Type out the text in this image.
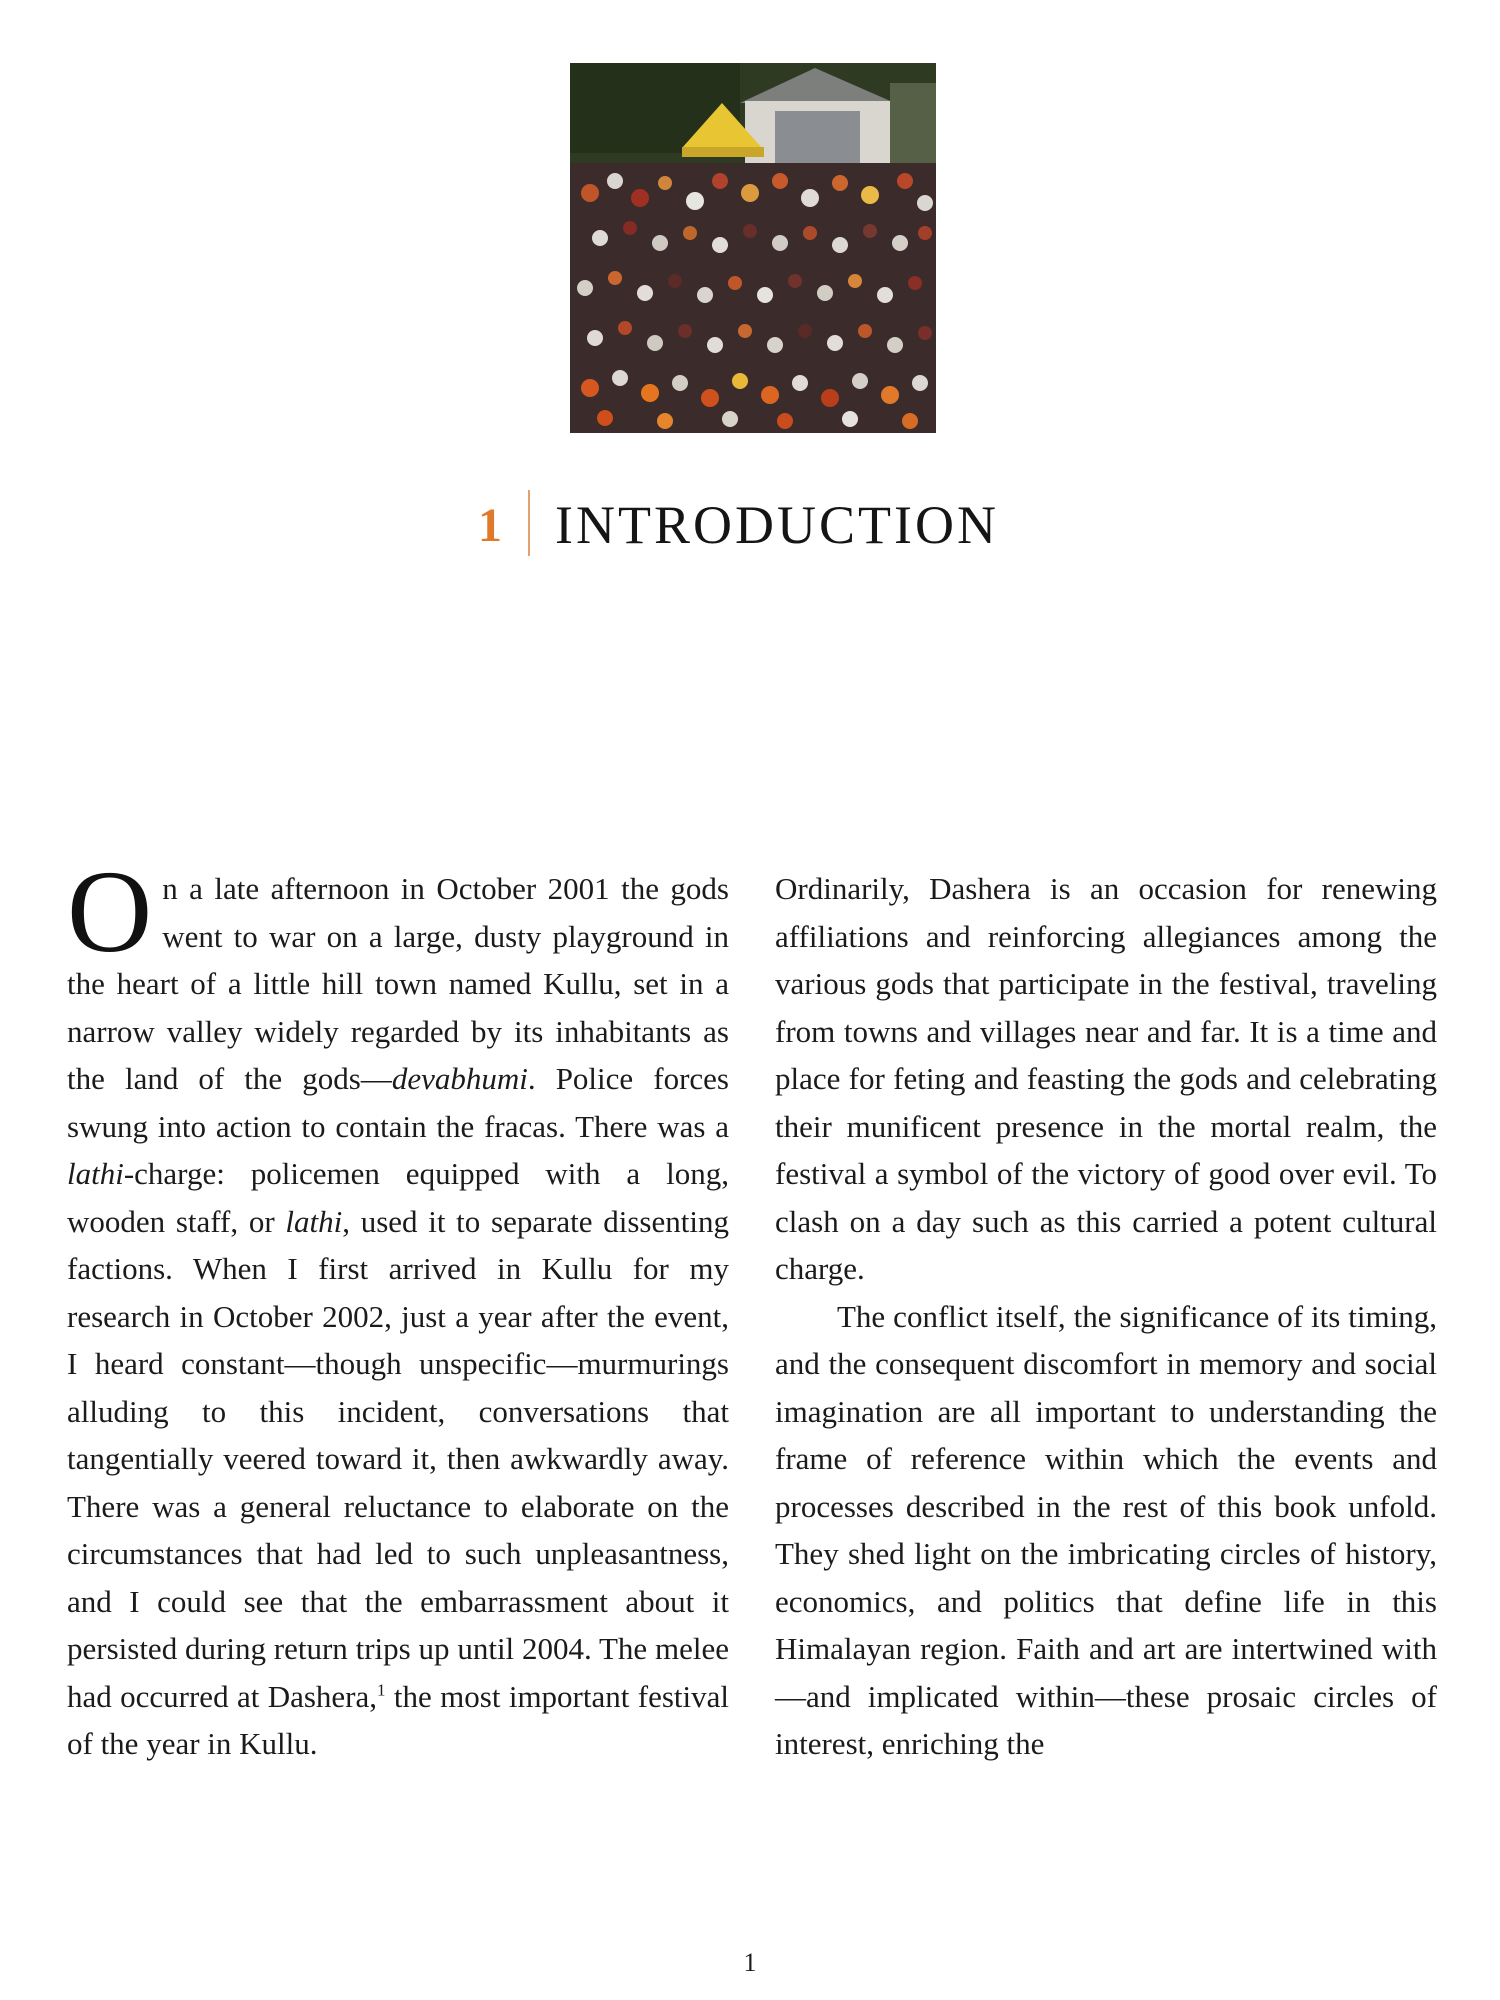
1 INTRODUCTION

On a late afternoon in October 2001 the gods went to war on a large, dusty playground in the heart of a little hill town named Kullu, set in a narrow valley widely regarded by its inhabitants as the land of the gods—devabhumi. Police forces swung into action to contain the fracas. There was a lathi-charge: policemen equipped with a long, wooden staff, or lathi, used it to separate dissenting factions. When I first arrived in Kullu for my research in October 2002, just a year after the event, I heard constant—though unspecific—murmurings alluding to this incident, conversations that tangentially veered toward it, then awkwardly away. There was a general reluctance to elaborate on the circumstances that had led to such unpleasantness, and I could see that the embarrassment about it persisted during return trips up until 2004. The melee had occurred at Dashera,$^1$ the most important festival of the year in Kullu.

Ordinarily, Dashera is an occasion for renewing affiliations and reinforcing allegiances among the various gods that participate in the festival, traveling from towns and villages near and far. It is a time and place for feting and feasting the gods and celebrating their munificent presence in the mortal realm, the festival a symbol of the victory of good over evil. To clash on a day such as this carried a potent cultural charge.

The conflict itself, the significance of its timing, and the consequent discomfort in memory and social imagination are all important to understanding the frame of reference within which the events and processes described in the rest of this book unfold. They shed light on the imbricating circles of history, economics, and politics that define life in this Himalayan region. Faith and art are intertwined with—and implicated within—these prosaic circles of interest, enriching the

1
